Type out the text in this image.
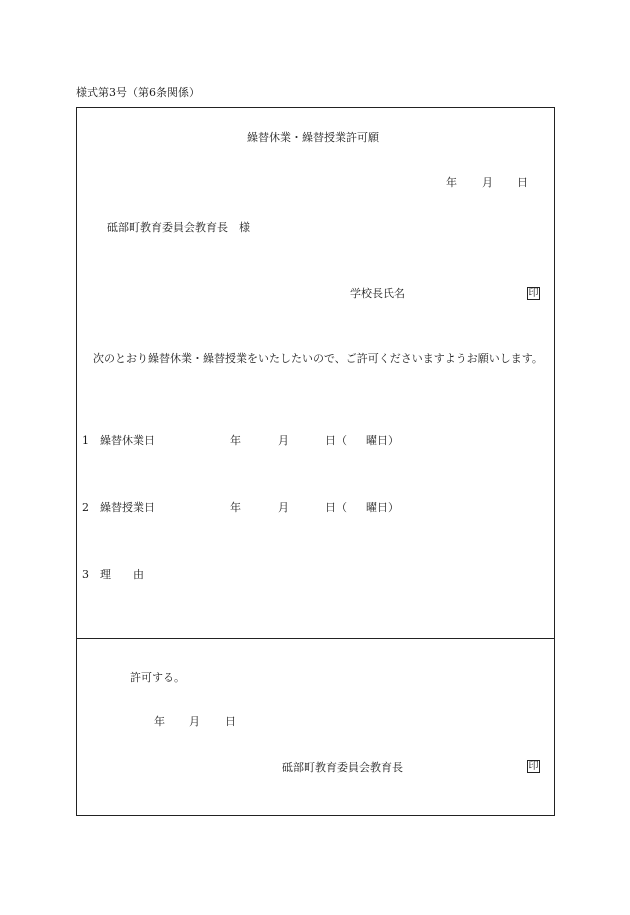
様式第3号（第6条関係）
繰替休業・繰替授業許可願
年 月 日
砥部町教育委員会教育長　様
学校長氏名	印
次のとおり繰替休業・繰替授業をいたしたいので、ご許可くださいますようお願いします。
1 繰替休業日	年	月	日（ 曜日）
2 繰替授業日	年	月	日（ 曜日）
3 理　　由
許可する。
年 月 日
砥部町教育委員会教育長	印
